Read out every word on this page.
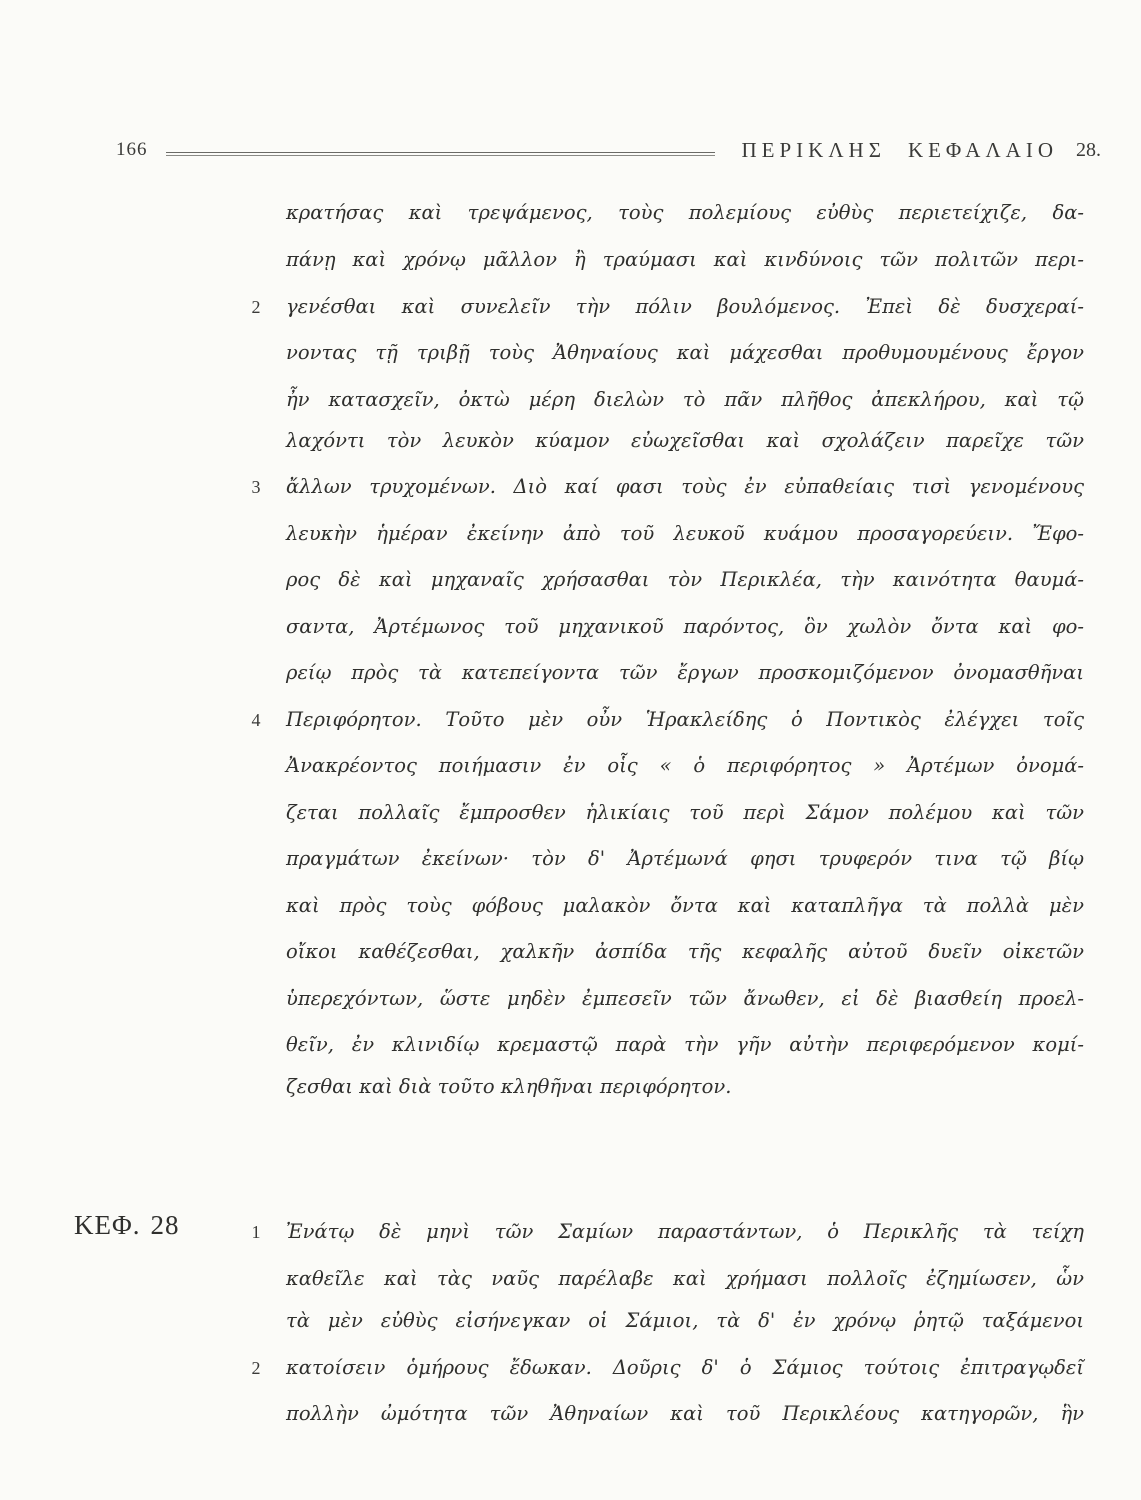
166	ΠΕΡΙΚΛΗΣ ΚΕΦΑΛΑΙΟ 28.
ΚΕΦ. 28
2
3
4
1
2
κρατήσας καὶ τρεψάμενος, τοὺς πολεμίους εὐθὺς περιετείχιζε, δα-
πάνῃ καὶ χρόνῳ μᾶλλον ἢ τραύμασι καὶ κινδύνοις τῶν πολιτῶν περι-
γενέσθαι καὶ συνελεῖν τὴν πόλιν βουλόμενος. Ἐπεὶ δὲ δυσχεραί-
νοντας τῇ τριβῇ τοὺς Ἀθηναίους καὶ μάχεσθαι προθυμουμένους ἔργον
ἦν κατασχεῖν, ὀκτὼ μέρη διελὼν τὸ πᾶν πλῆθος ἀπεκλήρου, καὶ τῷ
λαχόντι τὸν λευκὸν κύαμον εὐωχεῖσθαι καὶ σχολάζειν παρεῖχε τῶν
ἄλλων τρυχομένων. Διὸ καί φασι τοὺς ἐν εὐπαθείαις τισὶ γενομένους
λευκὴν ἡμέραν ἐκείνην ἀπὸ τοῦ λευκοῦ κυάμου προσαγορεύειν. Ἔφο-
ρος δὲ καὶ μηχαναῖς χρήσασθαι τὸν Περικλέα, τὴν καινότητα θαυμά-
σαντα, Ἀρτέμωνος τοῦ μηχανικοῦ παρόντος, ὃν χωλὸν ὄντα καὶ φο-
ρείῳ πρὸς τὰ κατεπείγοντα τῶν ἔργων προσκομιζόμενον ὀνομασθῆναι
Περιφόρητον. Τοῦτο μὲν οὖν Ἡρακλείδης ὁ Ποντικὸς ἐλέγχει τοῖς
Ἀνακρέοντος ποιήμασιν ἐν οἷς « ὁ περιφόρητος » Ἀρτέμων ὀνομά-
ζεται πολλαῖς ἔμπροσθεν ἡλικίαις τοῦ περὶ Σάμον πολέμου καὶ τῶν
πραγμάτων ἐκείνων· τὸν δ' Ἀρτέμωνά φησι τρυφερόν τινα τῷ βίῳ
καὶ πρὸς τοὺς φόβους μαλακὸν ὄντα καὶ καταπλῆγα τὰ πολλὰ μὲν
οἴκοι καθέζεσθαι, χαλκῆν ἀσπίδα τῆς κεφαλῆς αὐτοῦ δυεῖν οἰκετῶν
ὑπερεχόντων, ὥστε μηδὲν ἐμπεσεῖν τῶν ἄνωθεν, εἰ δὲ βιασθείη προελ-
θεῖν, ἐν κλινιδίῳ κρεμαστῷ παρὰ τὴν γῆν αὐτὴν περιφερόμενον κομί-
ζεσθαι καὶ διὰ τοῦτο κληθῆναι περιφόρητον.
Ἐνάτῳ δὲ μηνὶ τῶν Σαμίων παραστάντων, ὁ Περικλῆς τὰ τείχη
καθεῖλε καὶ τὰς ναῦς παρέλαβε καὶ χρήμασι πολλοῖς ἐζημίωσεν, ὧν
τὰ μὲν εὐθὺς εἰσήνεγκαν οἱ Σάμιοι, τὰ δ' ἐν χρόνῳ ῥητῷ ταξάμενοι
κατοίσειν ὁμήρους ἔδωκαν. Δοῦρις δ' ὁ Σάμιος τούτοις ἐπιτραγῳδεῖ
πολλὴν ὠμότητα τῶν Ἀθηναίων καὶ τοῦ Περικλέους κατηγορῶν, ἣν
